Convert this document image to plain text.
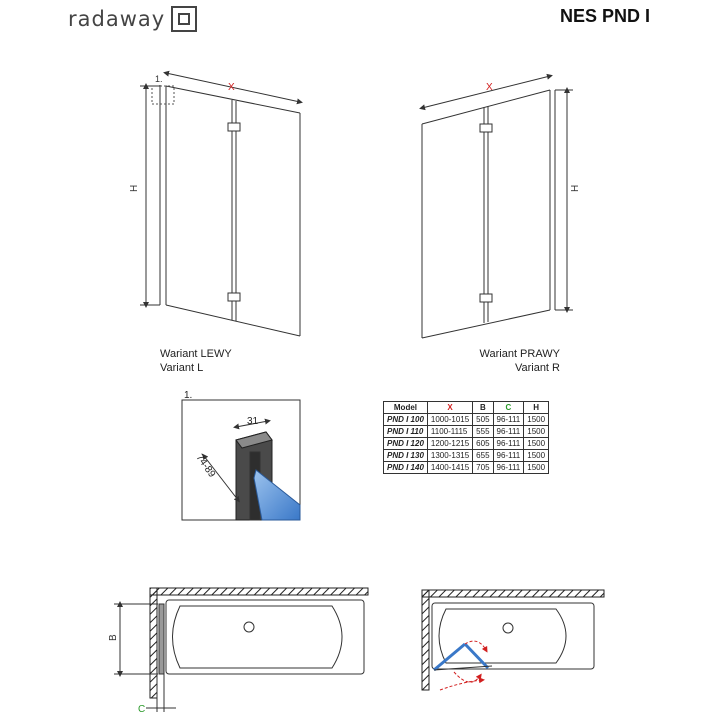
radaway	NES PND I
X
H
1.
X
H
1.
31
74-89
B
C
Wariant LEWY
Variant L
Wariant PRAWY
Variant R
Model	X	B	C	H
PND I 100	1000-1015	505	96-111	1500
PND I 110	1100-1115	555	96-111	1500
PND I 120	1200-1215	605	96-111	1500
PND I 130	1300-1315	655	96-111	1500
PND I 140	1400-1415	705	96-111	1500
